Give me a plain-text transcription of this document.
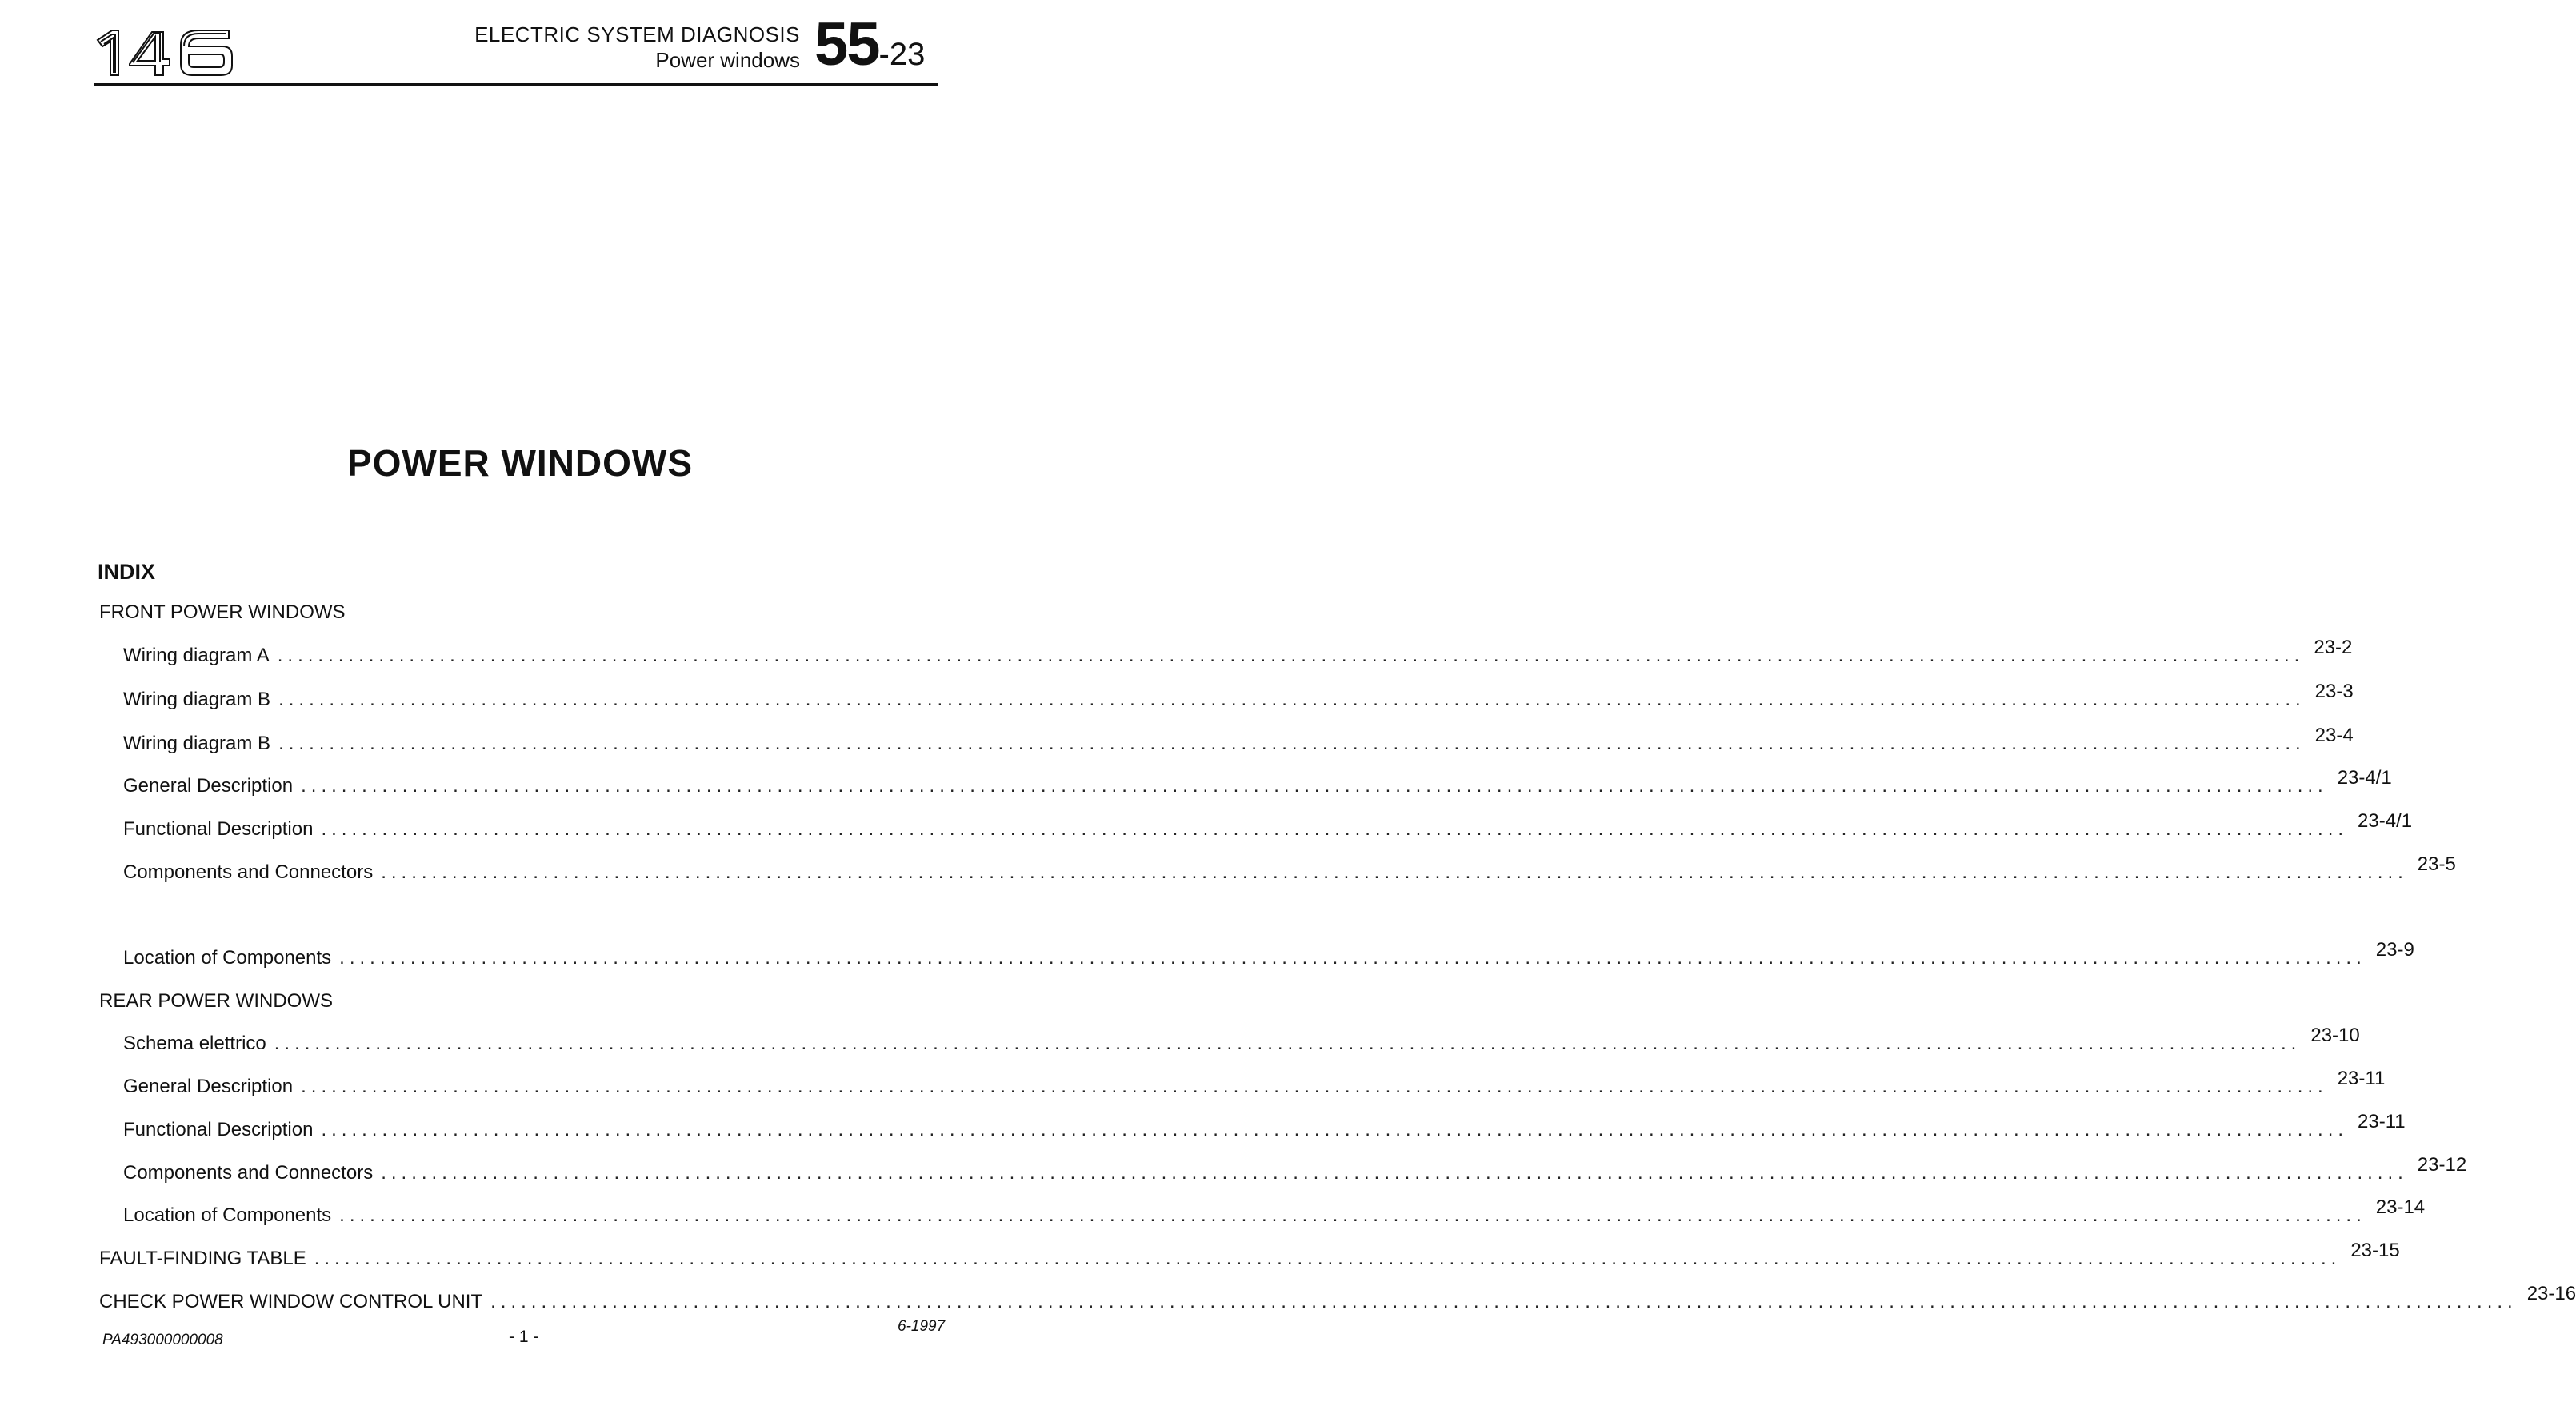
ELECTRIC SYSTEM DIAGNOSIS
Power windows 55-23
POWER WINDOWS
INDIX
FRONT POWER WINDOWS
Wiring diagram A ........................................................................................................................................................................................................ 23-2
Wiring diagram B ........................................................................................................................................................................................................ 23-3
Wiring diagram B ........................................................................................................................................................................................................ 23-4
General Description ........................................................................................................................................................................................................ 23-4/1
Functional Description ........................................................................................................................................................................................................ 23-4/1
Components and Connectors ........................................................................................................................................................................................................ 23-5
Location of Components ........................................................................................................................................................................................................ 23-9
REAR POWER WINDOWS
Schema elettrico ........................................................................................................................................................................................................ 23-10
General Description ........................................................................................................................................................................................................ 23-11
Functional Description ........................................................................................................................................................................................................ 23-11
Components and Connectors ........................................................................................................................................................................................................ 23-12
Location of Components ........................................................................................................................................................................................................ 23-14
FAULT-FINDING TABLE ........................................................................................................................................................................................................ 23-15
CHECK POWER WINDOW CONTROL UNIT ........................................................................................................................................................................................................ 23-16
PA493000000008	- 1 -
6-1997
